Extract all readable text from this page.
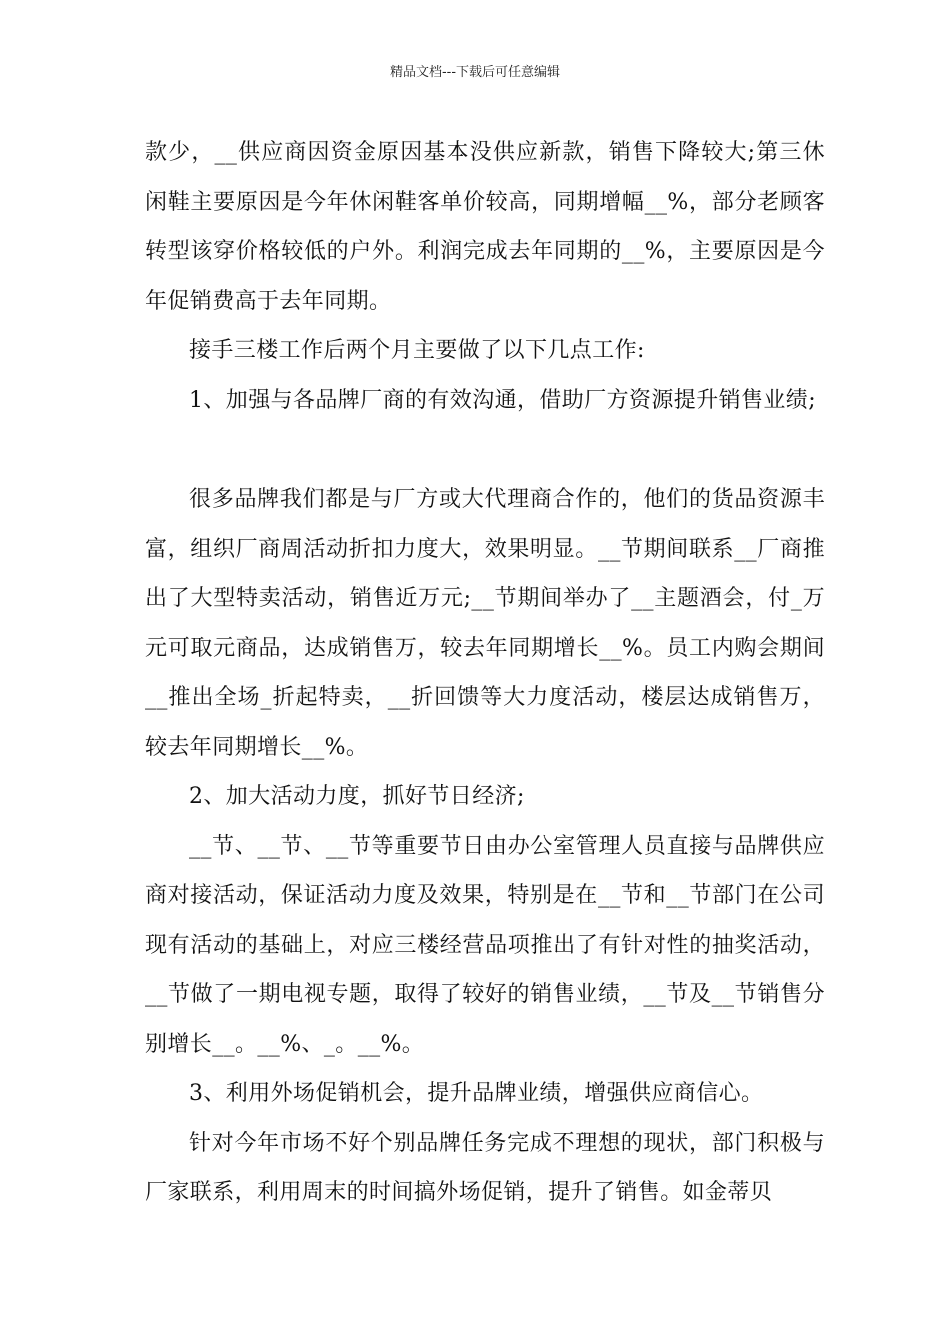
精品文档---下载后可任意编辑

款少，__供应商因资金原因基本没供应新款，销售下降较大;第三休闲鞋主要原因是今年休闲鞋客单价较高，同期增幅__%，部分老顾客转型该穿价格较低的户外。利润完成去年同期的__%，主要原因是今年促销费高于去年同期。

接手三楼工作后两个月主要做了以下几点工作:

1、加强与各品牌厂商的有效沟通，借助厂方资源提升销售业绩;

很多品牌我们都是与厂方或大代理商合作的，他们的货品资源丰富，组织厂商周活动折扣力度大，效果明显。__节期间联系__厂商推出了大型特卖活动，销售近万元;__节期间举办了__主题酒会，付_万元可取元商品，达成销售万，较去年同期增长__%。员工内购会期间__推出全场_折起特卖，__折回馈等大力度活动，楼层达成销售万，较去年同期增长__%。

2、加大活动力度，抓好节日经济;

__节、__节、__节等重要节日由办公室管理人员直接与品牌供应商对接活动，保证活动力度及效果，特别是在__节和__节部门在公司现有活动的基础上，对应三楼经营品项推出了有针对性的抽奖活动，__节做了一期电视专题，取得了较好的销售业绩，__节及__节销售分别增长__。__%、_。__%。

3、利用外场促销机会，提升品牌业绩，增强供应商信心。

针对今年市场不好个别品牌任务完成不理想的现状，部门积极与厂家联系，利用周末的时间搞外场促销，提升了销售。如金蒂贝
